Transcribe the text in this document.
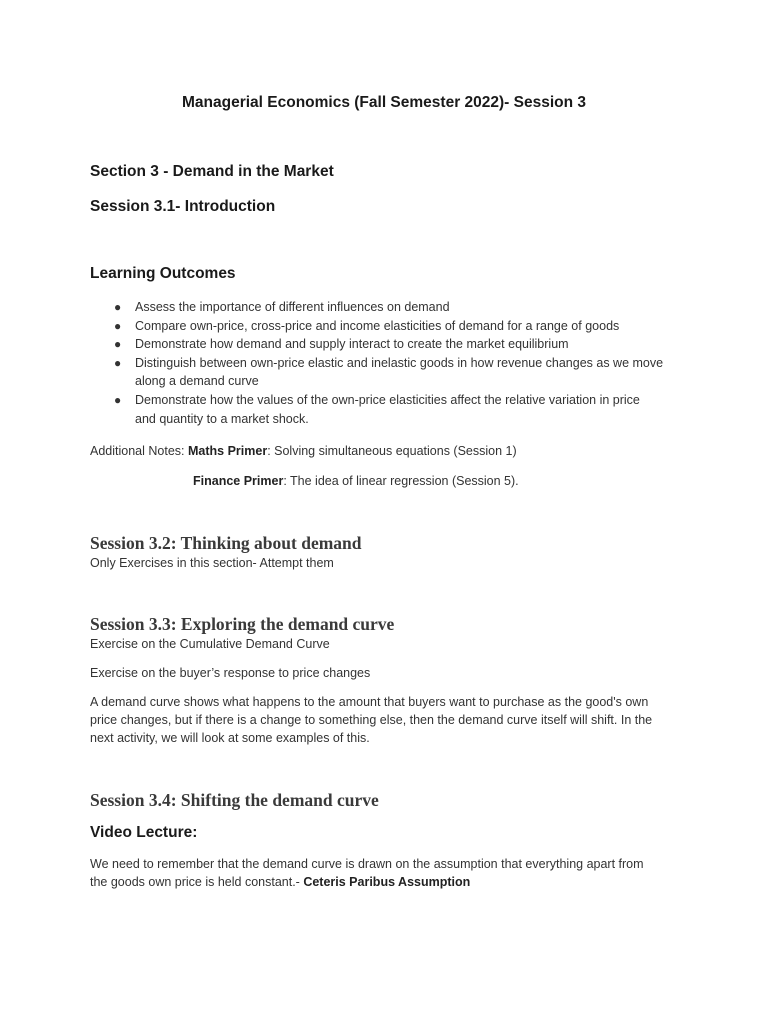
Managerial Economics (Fall Semester 2022)- Session 3
Section 3 - Demand in the Market
Session 3.1- Introduction
Learning Outcomes
● Assess the importance of different influences on demand
● Compare own-price, cross-price and income elasticities of demand for a range of goods
● Demonstrate how demand and supply interact to create the market equilibrium
● Distinguish between own-price elastic and inelastic goods in how revenue changes as we move
along a demand curve
● Demonstrate how the values of the own-price elasticities affect the relative variation in price
and quantity to a market shock.
Additional Notes: Maths Primer: Solving simultaneous equations (Session 1)
Finance Primer: The idea of linear regression (Session 5).
Session 3.2: Thinking about demand
Only Exercises in this section- Attempt them
Session 3.3: Exploring the demand curve
Exercise on the Cumulative Demand Curve
Exercise on the buyer’s response to price changes
A demand curve shows what happens to the amount that buyers want to purchase as the good's own
price changes, but if there is a change to something else, then the demand curve itself will shift. In the
next activity, we will look at some examples of this.
Session 3.4: Shifting the demand curve
Video Lecture:
We need to remember that the demand curve is drawn on the assumption that everything apart from
the goods own price is held constant.- Ceteris Paribus Assumption
